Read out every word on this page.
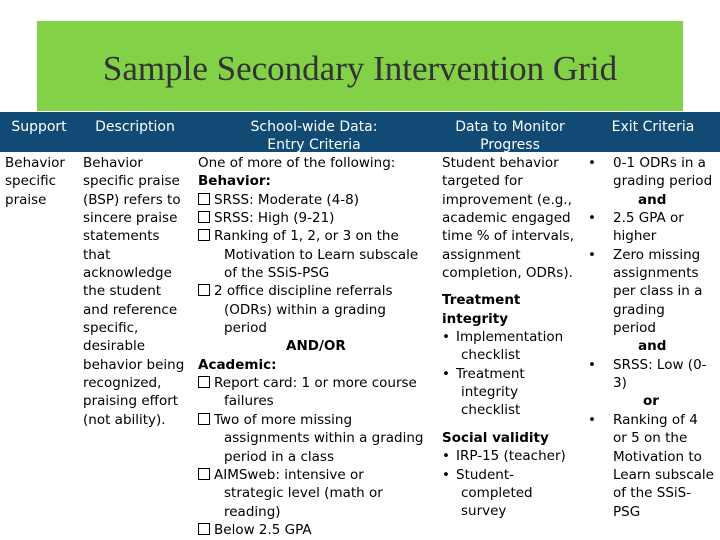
Sample Secondary Intervention Grid
Support	Description	School-wide Data:
Entry Criteria
Data to Monitor
Progress
Exit Criteria
Behavior
specific
praise
Behavior
specific praise
(BSP) refers to
sincere praise
statements
that
acknowledge
the student
and reference
specific,
desirable
behavior being
recognized,
praising effort
(not ability).
One of more of the following:
Behavior:
SRSS: Moderate (4-8)
SRSS: High (9-21)
Ranking of 1, 2, or 3 on the
Motivation to Learn subscale
of the SSiS-PSG
2 office discipline referrals
(ODRs) within a grading
period
AND/OR
Academic:
Report card: 1 or more course
failures
Two of more missing
assignments within a grading
period in a class
AIMSweb: intensive or
strategic level (math or
reading)
Below 2.5 GPA
Student behavior
targeted for
improvement (e.g.,
academic engaged
time % of intervals,
assignment
completion, ODRs).
Treatment
integrity
• Implementation
checklist
• Treatment
integrity
checklist
Social validity
• IRP-15 (teacher)
• Student-
completed
survey
• 0-1 ODRs in a
grading period
and
• 2.5 GPA or
higher
• Zero missing
assignments
per class in a
grading
period
and
• SRSS: Low (0-
3)
or
• Ranking of 4
or 5 on the
Motivation to
Learn subscale
of the SSiS-
PSG
